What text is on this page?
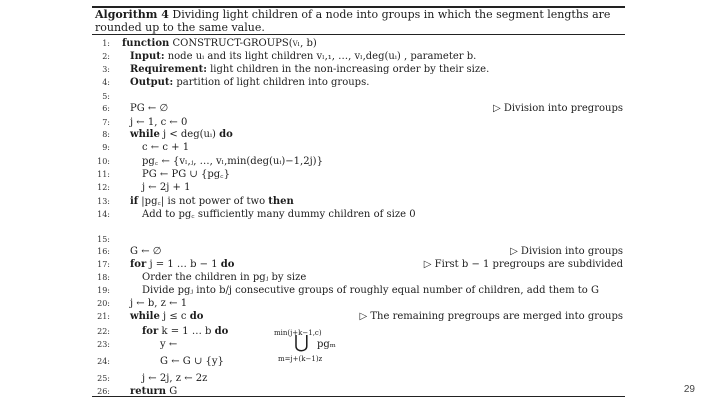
Algorithm 4 Dividing light children of a node into groups in which the segment lengths are rounded up to the same value.
1: function CONSTRUCT-GROUPS(vₗ, b)
2: Input: node uᵢ and its light children vₗ,₁, …, vₗ,deg(uᵢ) , parameter b.
3: Requirement: light children in the non-increasing order by their size.
4: Output: partition of light children into groups.
5:
6: PG ← ∅	▷ Division into pregroups
7: j ← 1, c ← 0
8: while j < deg(uᵢ) do
9:	c ← c + 1
10:	pg꜀ ← {vₗ,ⱼ, …, vₗ,min(deg(uᵢ)−1,2j)}
11:	PG ← PG ∪ {pg꜀}
12:	j ← 2j + 1
13: if |pg꜀| is not power of two then
14:	Add to pg꜀ sufficiently many dummy children of size 0
15:
16: G ← ∅	▷ Division into groups
17: for j = 1 … b − 1 do	▷ First b − 1 pregroups are subdivided
18:	Order the children in pgⱼ by size
19:	Divide pgⱼ into b/j consecutive groups of roughly equal number of children, add them to G
20: j ← b, z ← 1
21: while j ≤ c do	▷ The remaining pregroups are merged into groups
22:	for k = 1 … b do
23:	y ←
min(j+k−1,c)
⋃
m=j+(k−1)z
pgₘ
24:	G ← G ∪ {y}
25:	j ← 2j, z ← 2z
26: return G	29
